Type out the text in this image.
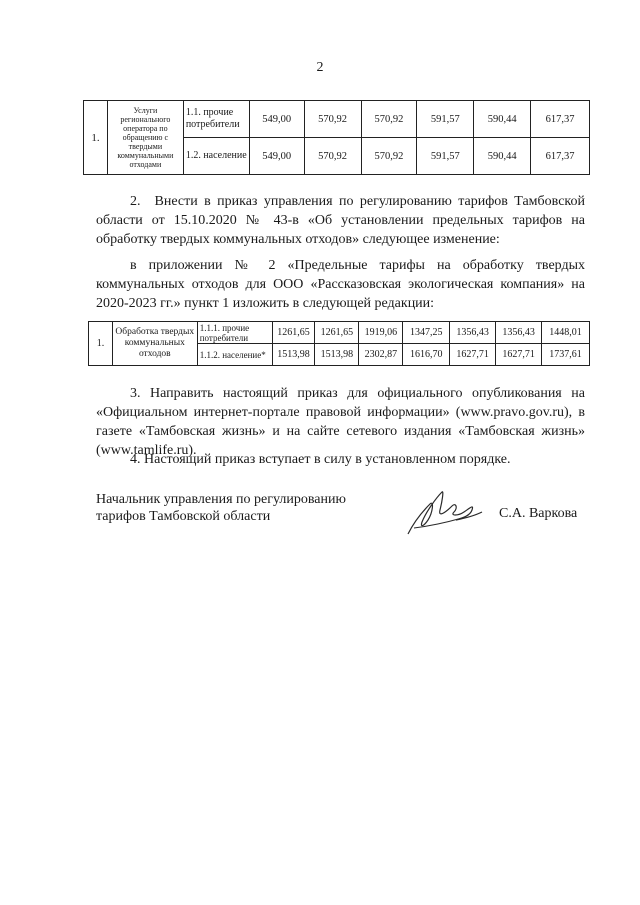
2
1.	Услуги регионального оператора по обращению с твердыми коммунальными отходами	1.1. прочие потребители	549,00	570,92	570,92	591,57	590,44	617,37
		1.2. население	549,00	570,92	570,92	591,57	590,44	617,37
2. Внести в приказ управления по регулированию тарифов Тамбовской области от 15.10.2020 № 43-в «Об установлении предельных тарифов на обработку твердых коммунальных отходов» следующее изменение:
в приложении № 2 «Предельные тарифы на обработку твердых коммунальных отходов для ООО «Рассказовская экологическая компания» на 2020-2023 гг.» пункт 1 изложить в следующей редакции:
1.	Обработка твердых коммунальных отходов	1.1.1. прочие потребители	1261,65	1261,65	1919,06	1347,25	1356,43	1356,43	1448,01
		1.1.2. население*	1513,98	1513,98	2302,87	1616,70	1627,71	1627,71	1737,61
3. Направить настоящий приказ для официального опубликования на «Официальном интернет-портале правовой информации» (www.pravo.gov.ru), в газете «Тамбовская жизнь» и на сайте сетевого издания «Тамбовская жизнь» (www.tamlife.ru).
4. Настоящий приказ вступает в силу в установленном порядке.
Начальник управления по регулированию
тарифов Тамбовской области	С.А. Варкова
